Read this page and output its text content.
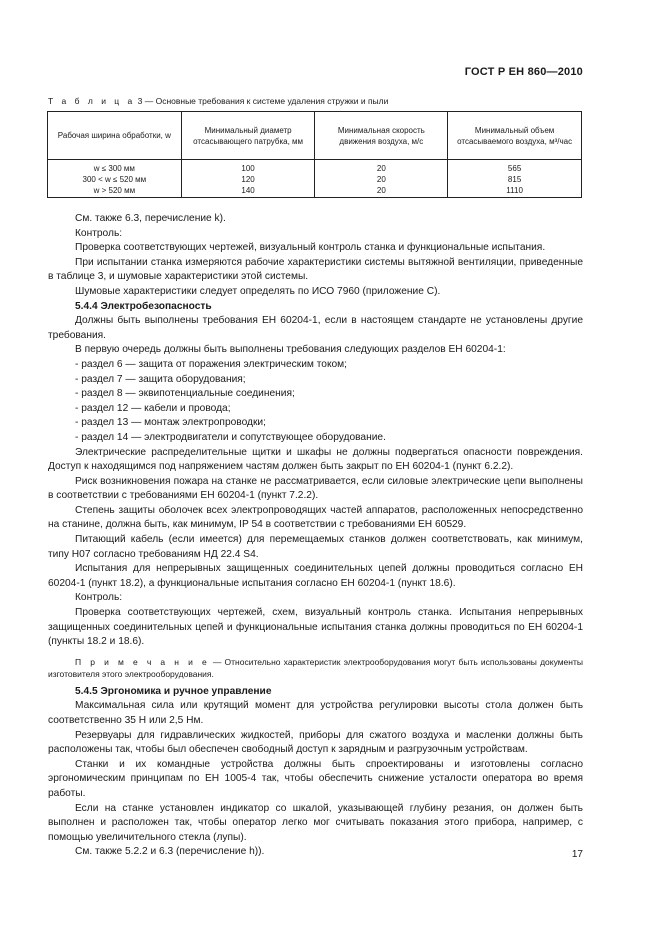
ГОСТ Р ЕН 860—2010
Т а б л и ц а 3 — Основные требования к системе удаления стружки и пыли
Рабочая ширина обработки, w	Минимальный диаметр отсасывающего патрубка, мм	Минимальная скорость движения воздуха, м/с	Минимальный объем отсасываемого воздуха, м³/час
w ≤ 300 мм	100	20	565
300 < w ≤ 520 мм	120	20	815
w > 520 мм	140	20	1110

См. также 6.3, перечисление k).

Контроль:

Проверка соответствующих чертежей, визуальный контроль станка и функциональные испытания.

При испытании станка измеряются рабочие характеристики системы вытяжной вентиляции, приведенные в таблице 3, и шумовые характеристики этой системы.

Шумовые характеристики следует определять по ИСО 7960 (приложение С).

5.4.4 Электробезопасность

Должны быть выполнены требования ЕН 60204-1, если в настоящем стандарте не установлены другие требования.

В первую очередь должны быть выполнены требования следующих разделов ЕН 60204-1:

- раздел 6 — защита от поражения электрическим током;

- раздел 7 — защита оборудования;

- раздел 8 — эквипотенциальные соединения;

- раздел 12 — кабели и провода;

- раздел 13 — монтаж электропроводки;

- раздел 14 — электродвигатели и сопутствующее оборудование.

Электрические распределительные щитки и шкафы не должны подвергаться опасности повреждения. Доступ к находящимся под напряжением частям должен быть закрыт по ЕН 60204-1 (пункт 6.2.2).

Риск возникновения пожара на станке не рассматривается, если силовые электрические цепи выполнены в соответствии с требованиями ЕН 60204-1 (пункт 7.2.2).

Степень защиты оболочек всех электропроводящих частей аппаратов, расположенных непосредственно на станине, должна быть, как минимум, IP 54 в соответствии с требованиями ЕН 60529.

Питающий кабель (если имеется) для перемещаемых станков должен соответствовать, как минимум, типу Н07 согласно требованиям НД 22.4 S4.

Испытания для непрерывных защищенных соединительных цепей должны проводиться согласно ЕН 60204-1 (пункт 18.2), а функциональные испытания согласно ЕН 60204-1 (пункт 18.6).

Контроль:

Проверка соответствующих чертежей, схем, визуальный контроль станка. Испытания непрерывных защищенных соединительных цепей и функциональные испытания станка должны проводиться по ЕН 60204-1 (пункты 18.2 и 18.6).

П р и м е ч а н и е — Относительно характеристик электрооборудования могут быть использованы документы изготовителя этого электрооборудования.

5.4.5 Эргономика и ручное управление

Максимальная сила или крутящий момент для устройства регулировки высоты стола должен быть соответственно 35 Н или 2,5 Нм.

Резервуары для гидравлических жидкостей, приборы для сжатого воздуха и масленки должны быть расположены так, чтобы был обеспечен свободный доступ к зарядным и разгрузочным устройствам.

Станки и их командные устройства должны быть спроектированы и изготовлены согласно эргономическим принципам по ЕН 1005-4 так, чтобы обеспечить снижение усталости оператора во время работы.

Если на станке установлен индикатор со шкалой, указывающей глубину резания, он должен быть выполнен и расположен так, чтобы оператор легко мог считывать показания этого прибора, например, с помощью увеличительного стекла (лупы).

См. также 5.2.2 и 6.3 (перечисление h)).	17
